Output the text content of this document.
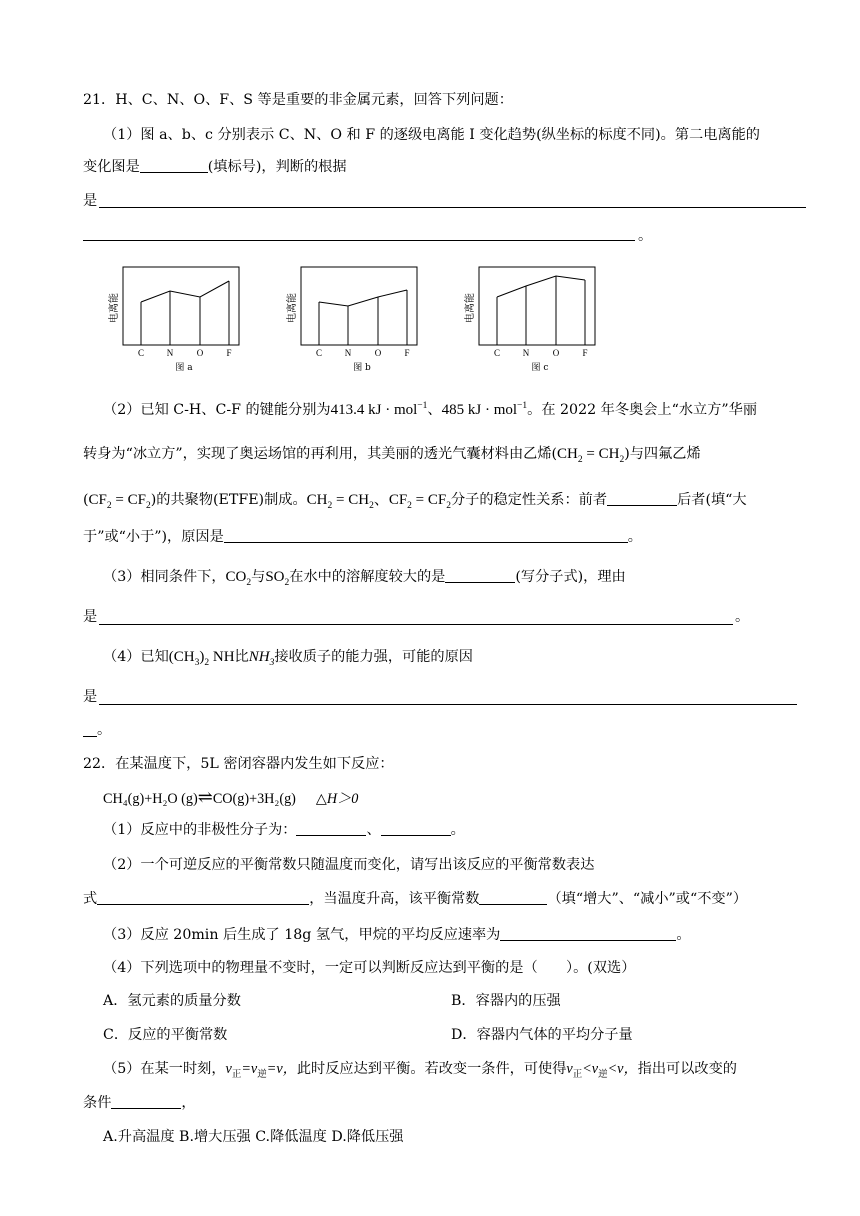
21．H、C、N、O、F、S 等是重要的非金属元素，回答下列问题：
（1）图 a、b、c 分别表示 C、N、O 和 F 的逐级电离能 I 变化趋势(纵坐标的标度不同)。第二电离能的
变化图是	(填标号)，判断的根据
是
。
电离能
C	N	O	F
图 a
电离能
C	N	O	F
图 b
电离能
C	N	O	F
图 c
（2）已知 C-H、C-F 的键能分别为413.4 kJ · mol$^{-1}$、485 kJ · mol$^{-1}$。在 2022 年冬奥会上“水立方”华丽
转身为“冰立方”，实现了奥运场馆的再利用，其美丽的透光气囊材料由乙烯$(CH_2 = CH_2)$与四氟乙烯
$(CF_2 = CF_2)$的共聚物(ETFE)制成。$CH_2 = CH_2$、$CF_2 = CF_2$分子的稳定性关系：前者	后者(填“大
于”或“小于”)，原因是	。
（3）相同条件下，$CO_2$与$SO_2$在水中的溶解度较大的是	(写分子式)，理由
是	。
（4）已知$(CH_3)_2$ NH比$NH_3$接收质子的能力强，可能的原因
是
。
22．在某温度下，5L 密闭容器内发生如下反应：
CH₄(g)+H₂O (g)⇌CO(g)+3H₂(g) △H＞0
（1）反应中的非极性分子为：	、	。
（2）一个可逆反应的平衡常数只随温度而变化，请写出该反应的平衡常数表达
式	，当温度升高，该平衡常数	（填“增大”、“减小”或“不变”）
（3）反应 20min 后生成了 18g 氢气，甲烷的平均反应速率为	。
（4）下列选项中的物理量不变时，一定可以判断反应达到平衡的是（　　）。(双选）
A．氢元素的质量分数	B．容器内的压强
C．反应的平衡常数	D．容器内气体的平均分子量
（5）在某一时刻，$v_正=v_逆=v$，此时反应达到平衡。若改变一条件，可使得$v_正<v_逆<v$，指出可以改变的
条件	，
A.升高温度 B.增大压强 C.降低温度 D.降低压强
